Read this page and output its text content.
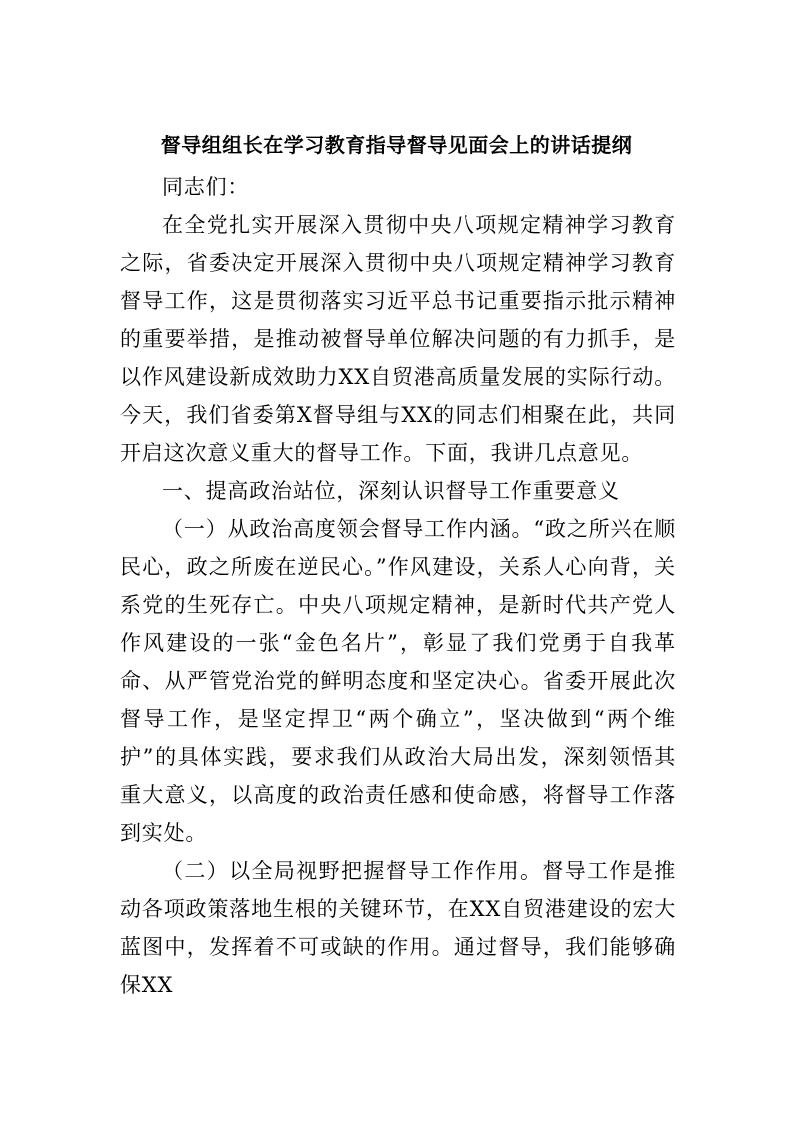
督导组组长在学习教育指导督导见面会上的讲话提纲

同志们：

在全党扎实开展深入贯彻中央八项规定精神学习教育之际，省委决定开展深入贯彻中央八项规定精神学习教育督导工作，这是贯彻落实习近平总书记重要指示批示精神的重要举措，是推动被督导单位解决问题的有力抓手，是以作风建设新成效助力XX自贸港高质量发展的实际行动。今天，我们省委第X督导组与XX的同志们相聚在此，共同开启这次意义重大的督导工作。下面，我讲几点意见。

一、提高政治站位，深刻认识督导工作重要意义

（一）从政治高度领会督导工作内涵。“政之所兴在顺民心，政之所废在逆民心。”作风建设，关系人心向背，关系党的生死存亡。中央八项规定精神，是新时代共产党人作风建设的一张“金色名片”，彰显了我们党勇于自我革命、从严管党治党的鲜明态度和坚定决心。省委开展此次督导工作，是坚定捍卫“两个确立”，坚决做到“两个维护”的具体实践，要求我们从政治大局出发，深刻领悟其重大意义，以高度的政治责任感和使命感，将督导工作落到实处。

（二）以全局视野把握督导工作作用。督导工作是推动各项政策落地生根的关键环节，在XX自贸港建设的宏大蓝图中，发挥着不可或缺的作用。通过督导，我们能够确保XX
